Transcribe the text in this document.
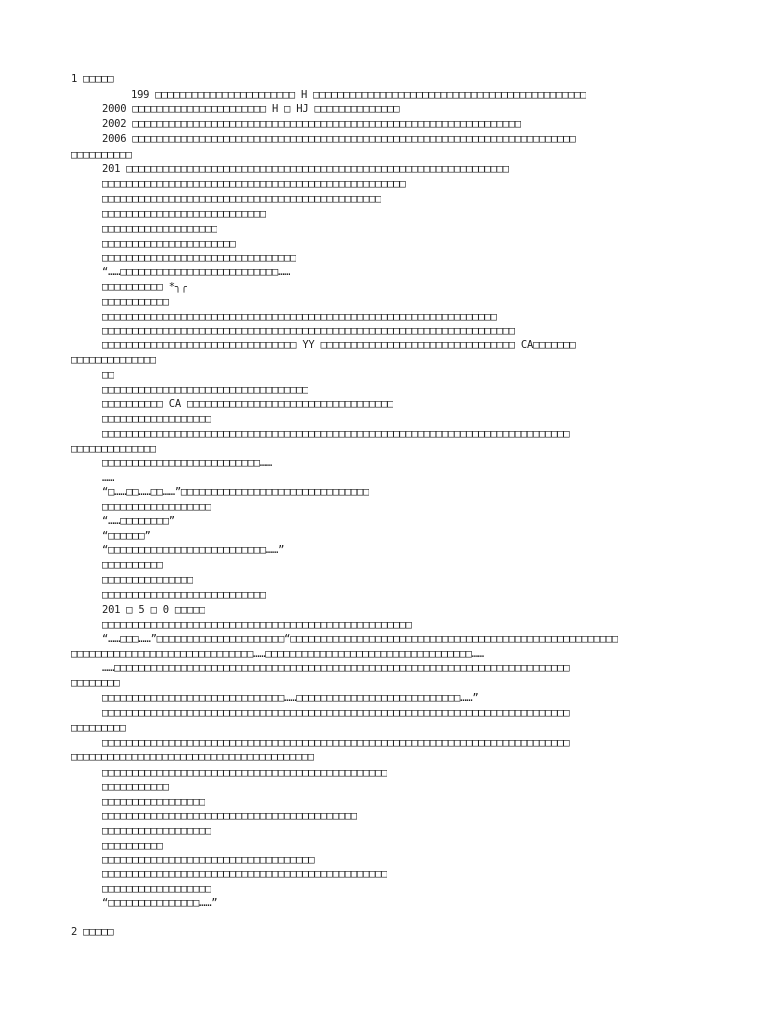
1 □□□□□
199 □□□□□□□□□□□□□□□□□□□□□□□ H □□□□□□□□□□□□□□□□□□□□□□□□□□□□□□□□□□□□□□□□□□□□□
2000 □□□□□□□□□□□□□□□□□□□□□□ H □ HJ □□□□□□□□□□□□□□
2002 □□□□□□□□□□□□□□□□□□□□□□□□□□□□□□□□□□□□□□□□□□□□□□□□□□□□□□□□□□□□□□□□
2006 □□□□□□□□□□□□□□□□□□□□□□□□□□□□□□□□□□□□□□□□□□□□□□□□□□□□□□□□□□□□□□□□□□□□□□□□□
□□□□□□□□□□
201 □□□□□□□□□□□□□□□□□□□□□□□□□□□□□□□□□□□□□□□□□□□□□□□□□□□□□□□□□□□□□□□
□□□□□□□□□□□□□□□□□□□□□□□□□□□□□□□□□□□□□□□□□□□□□□□□□□
□□□□□□□□□□□□□□□□□□□□□□□□□□□□□□□□□□□□□□□□□□□□□□
□□□□□□□□□□□□□□□□□□□□□□□□□□□
□□□□□□□□□□□□□□□□□□□
□□□□□□□□□□□□□□□□□□□□□□
□□□□□□□□□□□□□□□□□□□□□□□□□□□□□□□□
“……□□□□□□□□□□□□□□□□□□□□□□□□□□……
□□□□□□□□□□ *╮╭
□□□□□□□□□□□
□□□□□□□□□□□□□□□□□□□□□□□□□□□□□□□□□□□□□□□□□□□□□□□□□□□□□□□□□□□□□□□□□
□□□□□□□□□□□□□□□□□□□□□□□□□□□□□□□□□□□□□□□□□□□□□□□□□□□□□□□□□□□□□□□□□□□□
□□□□□□□□□□□□□□□□□□□□□□□□□□□□□□□□ YY □□□□□□□□□□□□□□□□□□□□□□□□□□□□□□□□ CA□□□□□□□
□□□□□□□□□□□□□□
□□
□□□□□□□□□□□□□□□□□□□□□□□□□□□□□□□□□□
□□□□□□□□□□ CA □□□□□□□□□□□□□□□□□□□□□□□□□□□□□□□□□□
□□□□□□□□□□□□□□□□□□
□□□□□□□□□□□□□□□□□□□□□□□□□□□□□□□□□□□□□□□□□□□□□□□□□□□□□□□□□□□□□□□□□□□□□□□□□□□□□
□□□□□□□□□□□□□□
□□□□□□□□□□□□□□□□□□□□□□□□□□……
……
“□……□□……□□……”□□□□□□□□□□□□□□□□□□□□□□□□□□□□□□□
□□□□□□□□□□□□□□□□□□
“……□□□□□□□□”
“□□□□□□”
“□□□□□□□□□□□□□□□□□□□□□□□□□□……”
□□□□□□□□□□
□□□□□□□□□□□□□□□
□□□□□□□□□□□□□□□□□□□□□□□□□□□
201 □ 5 □ 0 □□□□□
□□□□□□□□□□□□□□□□□□□□□□□□□□□□□□□□□□□□□□□□□□□□□□□□□□□
“……□□□……”□□□□□□□□□□□□□□□□□□□□□“□□□□□□□□□□□□□□□□□□□□□□□□□□□□□□□□□□□□□□□□□□□□□□□□□□□□□□
□□□□□□□□□□□□□□□□□□□□□□□□□□□□□□……□□□□□□□□□□□□□□□□□□□□□□□□□□□□□□□□□□……
……□□□□□□□□□□□□□□□□□□□□□□□□□□□□□□□□□□□□□□□□□□□□□□□□□□□□□□□□□□□□□□□□□□□□□□□□□□□
□□□□□□□□
□□□□□□□□□□□□□□□□□□□□□□□□□□□□□□……□□□□□□□□□□□□□□□□□□□□□□□□□□□……”
□□□□□□□□□□□□□□□□□□□□□□□□□□□□□□□□□□□□□□□□□□□□□□□□□□□□□□□□□□□□□□□□□□□□□□□□□□□□□
□□□□□□□□□
□□□□□□□□□□□□□□□□□□□□□□□□□□□□□□□□□□□□□□□□□□□□□□□□□□□□□□□□□□□□□□□□□□□□□□□□□□□□□
□□□□□□□□□□□□□□□□□□□□□□□□□□□□□□□□□□□□□□□□
□□□□□□□□□□□□□□□□□□□□□□□□□□□□□□□□□□□□□□□□□□□□□□□
□□□□□□□□□□□
□□□□□□□□□□□□□□□□□
□□□□□□□□□□□□□□□□□□□□□□□□□□□□□□□□□□□□□□□□□□
□□□□□□□□□□□□□□□□□□
□□□□□□□□□□
□□□□□□□□□□□□□□□□□□□□□□□□□□□□□□□□□□□
□□□□□□□□□□□□□□□□□□□□□□□□□□□□□□□□□□□□□□□□□□□□□□□
□□□□□□□□□□□□□□□□□□
“□□□□□□□□□□□□□□□……”
2 □□□□□
